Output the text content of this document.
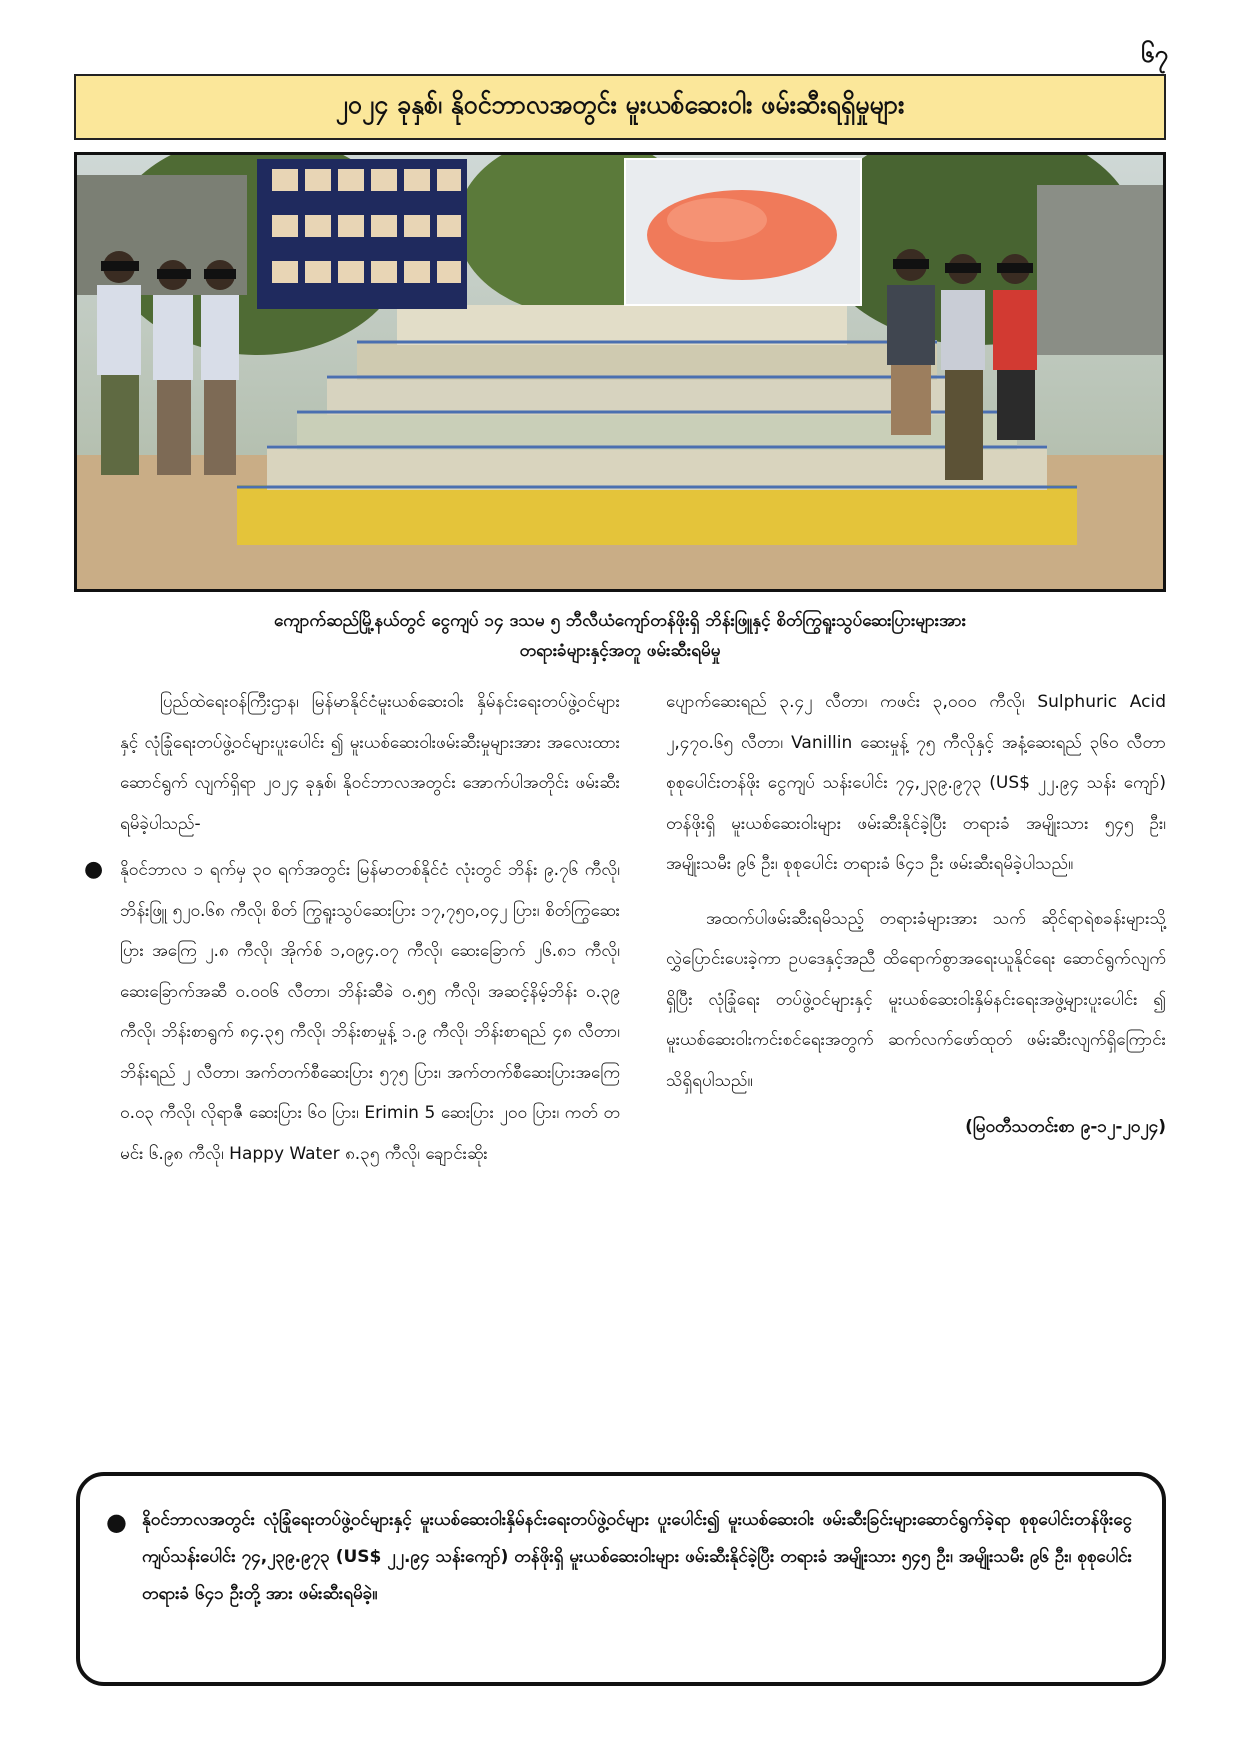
၆၇
၂၀၂၄ ခုနှစ်၊ နိုဝင်ဘာလအတွင်း မူးယစ်ဆေးဝါး ဖမ်းဆီးရရှိမှုများ
ကျောက်ဆည်မြို့နယ်တွင် ငွေကျပ် ၁၄ ဒသမ ၅ ဘီလီယံကျော်တန်ဖိုးရှိ ဘိန်းဖြူနှင့် စိတ်ကြွရူးသွပ်ဆေးပြားများအား
တရားခံများနှင့်အတူ ဖမ်းဆီးရမိမှု

ပြည်ထဲရေးဝန်ကြီးဌာန၊ မြန်မာနိုင်ငံမူးယစ်ဆေးဝါး နှိမ်နင်းရေးတပ်ဖွဲ့ဝင်များနှင့် လုံခြုံရေးတပ်ဖွဲ့ဝင်များပူးပေါင်း ၍ မူးယစ်ဆေးဝါးဖမ်းဆီးမှုများအား အလေးထားဆောင်ရွက် လျက်ရှိရာ ၂၀၂၄ ခုနှစ်၊ နိုဝင်ဘာလအတွင်း အောက်ပါအတိုင်း ဖမ်းဆီးရမိခဲ့ပါသည်-

● နိုဝင်ဘာလ ၁ ရက်မှ ၃၀ ရက်အတွင်း မြန်မာတစ်နိုင်ငံ လုံးတွင် ဘိန်း ၉.၇၆ ကီလို၊ ဘိန်းဖြူ ၅၂၀.၆၈ ကီလို၊ စိတ် ကြွရူးသွပ်ဆေးပြား ၁၇,၇၅၀,၀၄၂ ပြား၊ စိတ်ကြွဆေးပြား အကြေ ၂.၈ ကီလို၊ အိုက်စ် ၁,၀၉၄.၀၇ ကီလို၊ ဆေးခြောက် ၂၆.၈၁ ကီလို၊ ဆေးခြောက်အဆီ ၀.၀၀၆ လီတာ၊ ဘိန်းဆီခဲ ၀.၅၅ ကီလို၊ အဆင့်နိမ့်ဘိန်း ၀.၃၉ ကီလို၊ ဘိန်းစာရွက် ၈၄.၃၅ ကီလို၊ ဘိန်းစာမှုန့် ၁.၉ ကီလို၊ ဘိန်းစာရည် ၄၈ လီတာ၊ ဘိန်းရည် ၂ လီတာ၊ အက်တက်စီဆေးပြား ၅၇၅ ပြား၊ အက်တက်စီဆေးပြားအကြေ ၀.၀၃ ကီလို၊ လိုရာဇီ ဆေးပြား ၆၀ ပြား၊ Erimin 5 ဆေးပြား ၂၀၀ ပြား၊ ကတ် တမင်း ၆.၉၈ ကီလို၊ Happy Water ၈.၃၅ ကီလို၊ ချောင်းဆိုး

ပျောက်ဆေးရည် ၃.၄၂ လီတာ၊ ကဖင်း ၃,၀၀၀ ကီလို၊ Sulphuric Acid ၂,၄၇၀.၆၅ လီတာ၊ Vanillin ဆေးမှုန့် ၇၅ ကီလိုနှင့် အနံ့ဆေးရည် ၃၆၀ လီတာ စုစုပေါင်းတန်ဖိုး ငွေကျပ် သန်းပေါင်း ၇၄,၂၃၉.၉၇၃ (US$ ၂၂.၉၄ သန်း ကျော်) တန်ဖိုးရှိ မူးယစ်ဆေးဝါးများ ဖမ်းဆီးနိုင်ခဲ့ပြီး တရားခံ အမျိုးသား ၅၄၅ ဦး၊ အမျိုးသမီး ၉၆ ဦး၊ စုစုပေါင်း တရားခံ ၆၄၁ ဦး ဖမ်းဆီးရမိခဲ့ပါသည်။

အထက်ပါဖမ်းဆီးရမိသည့် တရားခံများအား သက် ဆိုင်ရာရဲစခန်းများသို့ လွှဲပြောင်းပေးခဲ့ကာ ဥပဒေနှင့်အညီ ထိရောက်စွာအရေးယူနိုင်ရေး ဆောင်ရွက်လျက်ရှိပြီး လုံခြုံရေး တပ်ဖွဲ့ဝင်များနှင့် မူးယစ်ဆေးဝါးနှိမ်နင်းရေးအဖွဲ့များပူးပေါင်း ၍ မူးယစ်ဆေးဝါးကင်းစင်ရေးအတွက် ဆက်လက်ဖော်ထုတ် ဖမ်းဆီးလျက်ရှိကြောင်း သိရှိရပါသည်။

(မြဝတီသတင်းစာ ၉-၁၂-၂၀၂၄)

● နိုဝင်ဘာလအတွင်း လုံခြုံရေးတပ်ဖွဲ့ဝင်များနှင့် မူးယစ်ဆေးဝါးနှိမ်နင်းရေးတပ်ဖွဲ့ဝင်များ ပူးပေါင်း၍ မူးယစ်ဆေးဝါး ဖမ်းဆီးခြင်းများဆောင်ရွက်ခဲ့ရာ စုစုပေါင်းတန်ဖိုးငွေကျပ်သန်းပေါင်း ၇၄,၂၃၉.၉၇၃ (US$ ၂၂.၉၄ သန်းကျော်) တန်ဖိုးရှိ မူးယစ်ဆေးဝါးများ ဖမ်းဆီးနိုင်ခဲ့ပြီး တရားခံ အမျိုးသား ၅၄၅ ဦး၊ အမျိုးသမီး ၉၆ ဦး၊ စုစုပေါင်းတရားခံ ၆၄၁ ဦးတို့ အား ဖမ်းဆီးရမိခဲ့။
